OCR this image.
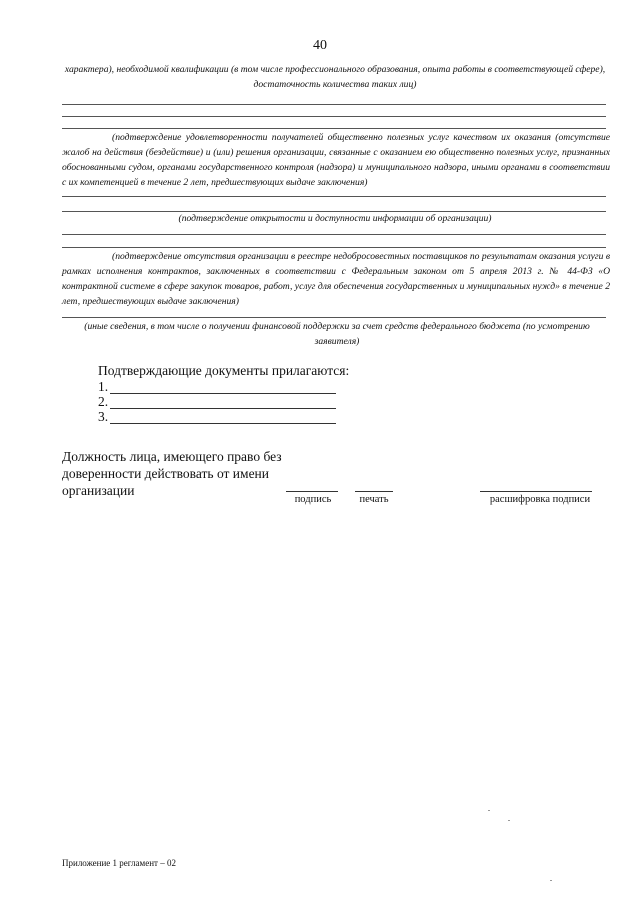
40
характера), необходимой квалификации (в том числе профессионального образования, опыта работы в соответствующей сфере), достаточность количества таких лиц)
(подтверждение удовлетворенности получателей общественно полезных услуг качеством их оказания (отсутствие жалоб на действия (бездействие) и (или) решения организации, связанные с оказанием ею общественно полезных услуг, признанных обоснованными судом, органами государственного контроля (надзора) и муниципального надзора, иными органами в соответствии с их компетенцией в течение 2 лет, предшествующих выдаче заключения)
(подтверждение открытости и доступности информации об организации)
(подтверждение отсутствия организации в реестре недобросовестных поставщиков по результатам оказания услуги в рамках исполнения контрактов, заключенных в соответствии с Федеральным законом от 5 апреля 2013 г. № 44-ФЗ «О контрактной системе в сфере закупок товаров, работ, услуг для обеспечения государственных и муниципальных нужд» в течение 2 лет, предшествующих выдаче заключения)
(иные сведения, в том числе о получении финансовой поддержки за счет средств федерального бюджета (по усмотрению заявителя)
Подтверждающие документы прилагаются:
1.
2.
3.
Должность лица, имеющего право без доверенности действовать от имени организации
подпись	печать	расшифровка подписи
Приложение 1 регламент – 02
